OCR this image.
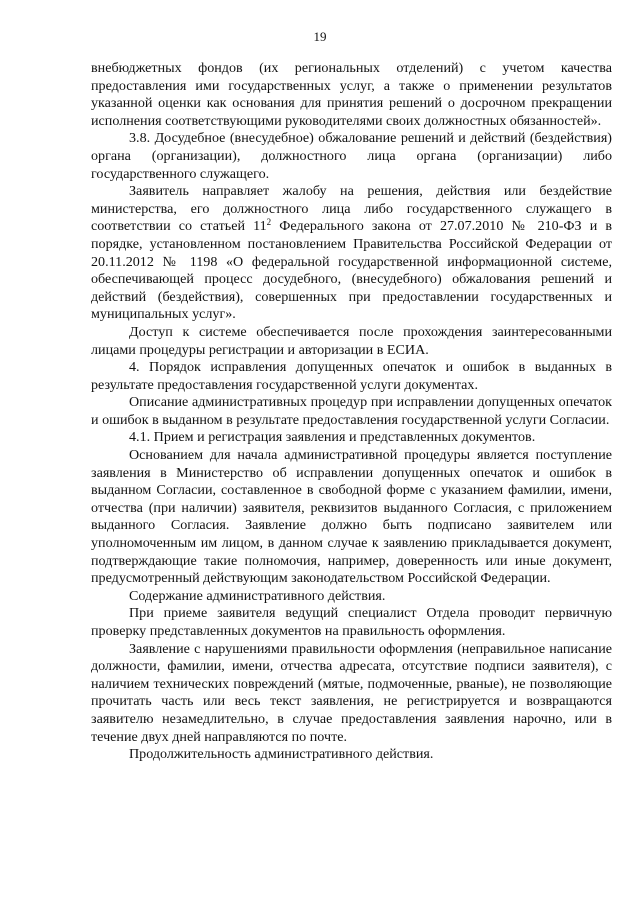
19

внебюджетных фондов (их региональных отделений) с учетом качества предоставления ими государственных услуг, а также о применении результатов указанной оценки как основания для принятия решений о досрочном прекращении исполнения соответствующими руководителями своих должностных обязанностей».

3.8. Досудебное (внесудебное) обжалование решений и действий (бездействия) органа (организации), должностного лица органа (организации) либо государственного служащего.

Заявитель направляет жалобу на решения, действия или бездействие министерства, его должностного лица либо государственного служащего в соответствии со статьей $11^2$ Федерального закона от 27.07.2010 № 210-ФЗ и в порядке, установленном постановлением Правительства Российской Федерации от 20.11.2012 № 1198 «О федеральной государственной информационной системе, обеспечивающей процесс досудебного, (внесудебного) обжалования решений и действий (бездействия), совершенных при предоставлении государственных и муниципальных услуг».

Доступ к системе обеспечивается после прохождения заинтересованными лицами процедуры регистрации и авторизации в ЕСИА.

4. Порядок исправления допущенных опечаток и ошибок в выданных в результате предоставления государственной услуги документах.

Описание административных процедур при исправлении допущенных опечаток и ошибок в выданном в результате предоставления государственной услуги Согласии.

4.1. Прием и регистрация заявления и представленных документов.

Основанием для начала административной процедуры является поступление заявления в Министерство об исправлении допущенных опечаток и ошибок в выданном Согласии, составленное в свободной форме с указанием фамилии, имени, отчества (при наличии) заявителя, реквизитов выданного Согласия, с приложением выданного Согласия. Заявление должно быть подписано заявителем или уполномоченным им лицом, в данном случае к заявлению прикладывается документ, подтверждающие такие полномочия, например, доверенность или иные документ, предусмотренный действующим законодательством Российской Федерации.

Содержание административного действия.

При приеме заявителя ведущий специалист Отдела проводит первичную проверку представленных документов на правильность оформления.

Заявление с нарушениями правильности оформления (неправильное написание должности, фамилии, имени, отчества адресата, отсутствие подписи заявителя), с наличием технических повреждений (мятые, подмоченные, рваные), не позволяющие прочитать часть или весь текст заявления, не регистрируется и возвращаются заявителю незамедлительно, в случае предоставления заявления нарочно, или в течение двух дней направляются по почте.

Продолжительность административного действия.
